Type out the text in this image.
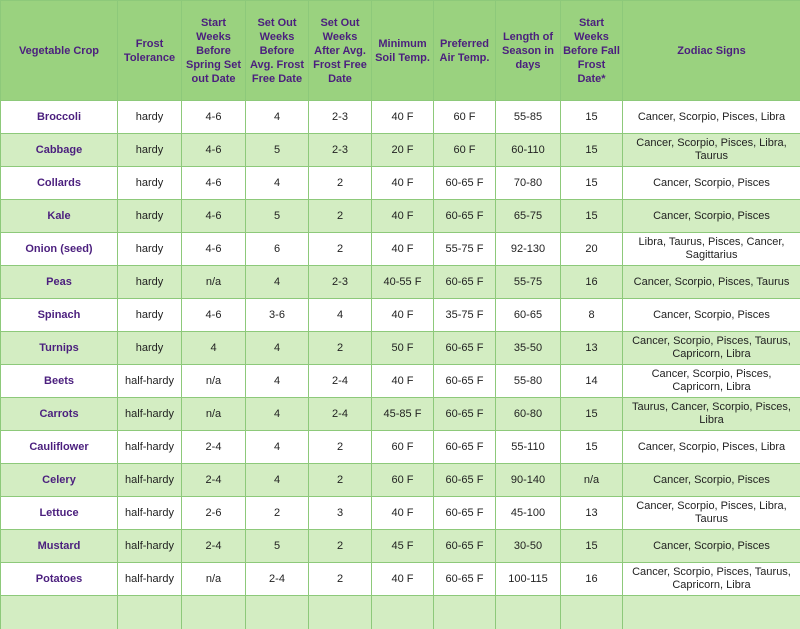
Vegetable Crop	Frost Tolerance	Start Weeks Before Spring Set out Date	Set Out Weeks Before Avg. Frost Free Date	Set Out Weeks After Avg. Frost Free Date	Minimum Soil Temp.	Preferred Air Temp.	Length of Season in days	Start Weeks Before Fall Frost Date*	Zodiac Signs
Broccoli	hardy	4-6	4	2-3	40 F	60 F	55-85	15	Cancer, Scorpio, Pisces, Libra
Cabbage	hardy	4-6	5	2-3	20 F	60 F	60-110	15	Cancer, Scorpio, Pisces, Libra, Taurus
Collards	hardy	4-6	4	2	40 F	60-65 F	70-80	15	Cancer, Scorpio, Pisces
Kale	hardy	4-6	5	2	40 F	60-65 F	65-75	15	Cancer, Scorpio, Pisces
Onion (seed)	hardy	4-6	6	2	40 F	55-75 F	92-130	20	Libra, Taurus, Pisces, Cancer, Sagittarius
Peas	hardy	n/a	4	2-3	40-55 F	60-65 F	55-75	16	Cancer, Scorpio, Pisces, Taurus
Spinach	hardy	4-6	3-6	4	40 F	35-75 F	60-65	8	Cancer, Scorpio, Pisces
Turnips	hardy	4	4	2	50 F	60-65 F	35-50	13	Cancer, Scorpio, Pisces, Taurus, Capricorn, Libra
Beets	half-hardy	n/a	4	2-4	40 F	60-65 F	55-80	14	Cancer, Scorpio, Pisces, Capricorn, Libra
Carrots	half-hardy	n/a	4	2-4	45-85 F	60-65 F	60-80	15	Taurus, Cancer, Scorpio, Pisces, Libra
Cauliflower	half-hardy	2-4	4	2	60 F	60-65 F	55-110	15	Cancer, Scorpio, Pisces, Libra
Celery	half-hardy	2-4	4	2	60 F	60-65 F	90-140	n/a	Cancer, Scorpio, Pisces
Lettuce	half-hardy	2-6	2	3	40 F	60-65 F	45-100	13	Cancer, Scorpio, Pisces, Libra, Taurus
Mustard	half-hardy	2-4	5	2	45 F	60-65 F	30-50	15	Cancer, Scorpio, Pisces
Potatoes	half-hardy	n/a	2-4	2	40 F	60-65 F	100-115	16	Cancer, Scorpio, Pisces, Taurus, Capricorn, Libra
